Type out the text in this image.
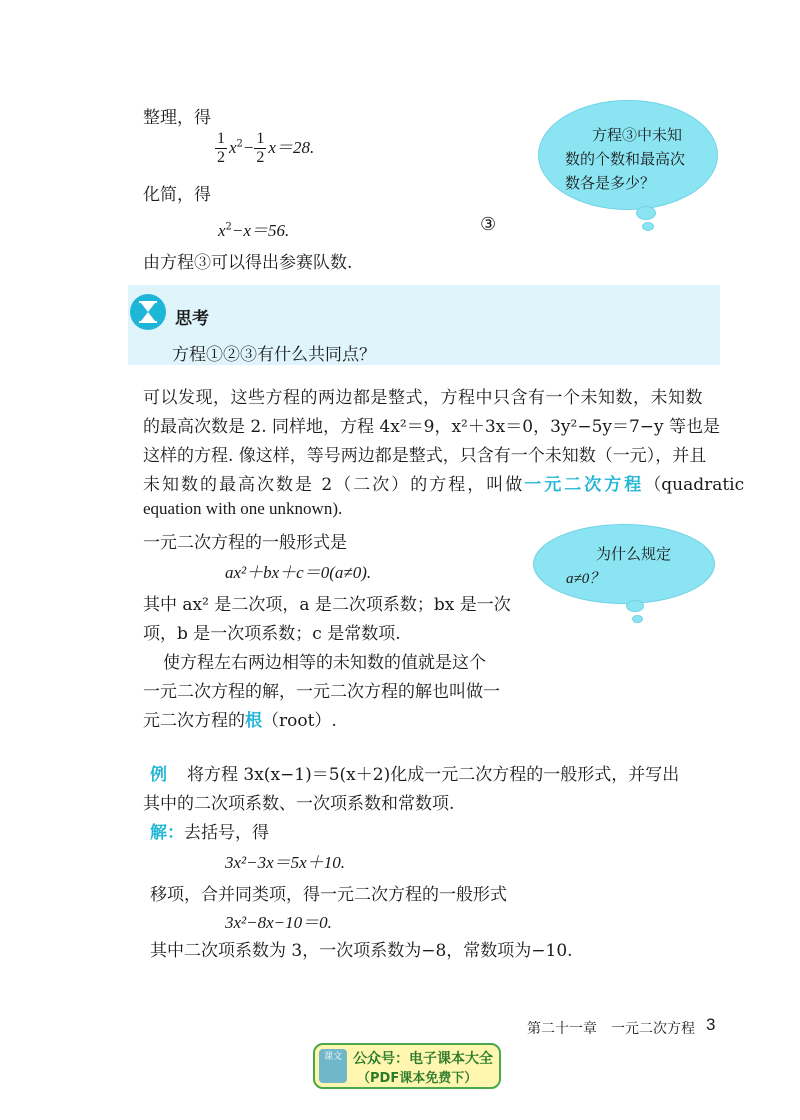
整理，得
$\frac{1}{2} x^2- \frac{1}{2} x=28$.
化简，得
$x^2-x=56$.	③
由方程③可以得出参赛队数.
方程③中未知
数的个数和最高次
数各是多少？
思考
方程①②③有什么共同点？
可以发现，这些方程的两边都是整式，方程中只含有一个未知数，未知数
的最高次数是 2. 同样地，方程 4x²＝9，x²＋3x＝0，3y²−5y＝7−y 等也是
这样的方程. 像这样，等号两边都是整式，只含有一个未知数（一元），并且
未知数的最高次数是 2（二次）的方程，叫做一元二次方程（quadratic
equation with one unknown).
一元二次方程的一般形式是
ax²＋bx＋c＝0(a≠0).
其中 ax² 是二次项，a 是二次项系数；bx 是一次
项，b 是一次项系数；c 是常数项.
使方程左右两边相等的未知数的值就是这个
一元二次方程的解，一元二次方程的解也叫做一
元二次方程的根（root）.
为什么规定
a≠0？
例 将方程 3x(x−1)＝5(x＋2)化成一元二次方程的一般形式，并写出
其中的二次项系数、一次项系数和常数项.
解：去括号，得
3x²−3x＝5x＋10.
移项，合并同类项，得一元二次方程的一般形式
3x²−8x−10＝0.
其中二次项系数为 3，一次项系数为−8，常数项为−10.
第二十一章　一元二次方程 3
课文 公众号：电子课本大全
（PDF课本免费下）
